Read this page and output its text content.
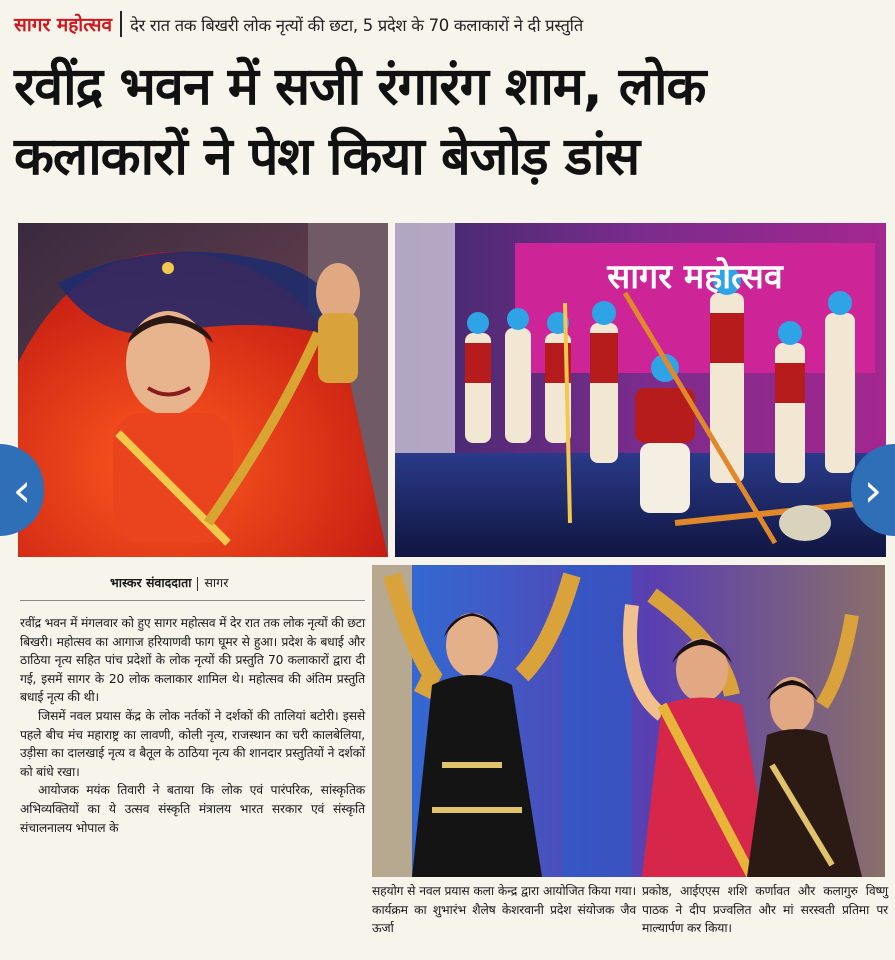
सागर महोत्सव देर रात तक बिखरी लोक नृत्यों की छटा, 5 प्रदेश के 70 कलाकारों ने दी प्रस्तुति
रवींद्र भवन में सजी रंगारंग शाम, लोक
कलाकारों ने पेश किया बेजोड़ डांस
सागर महोत्सव
‹	›
भास्कर संवाददाता सागर

रवींद्र भवन में मंगलवार को हुए सागर महोत्सव में देर रात तक लोक नृत्यों की छटा बिखरी। महोत्सव का आगाज हरियाणवी फाग घूमर से हुआ। प्रदेश के बधाई और ठाठिया नृत्य सहित पांच प्रदेशों के लोक नृत्यों की प्रस्तुति 70 कलाकारों द्वारा दी गई, इसमें सागर के 20 लोक कलाकार शामिल थे। महोत्सव की अंतिम प्रस्तुति बधाई नृत्य की थी।

जिसमें नवल प्रयास केंद्र के लोक नर्तकों ने दर्शकों की तालियां बटोरी। इससे पहले बीच मंच महाराष्ट्र का लावणी, कोली नृत्य, राजस्थान का चरी कालबेलिया, उड़ीसा का दालखाई नृत्य व बैतूल के ठाठिया नृत्य की शानदार प्रस्तुतियों ने दर्शकों को बांधे रखा।

आयोजक मयंक तिवारी ने बताया कि लोक एवं पारंपरिक, सांस्कृतिक अभिव्यक्तियों का ये उत्सव संस्कृति मंत्रालय भारत सरकार एवं संस्कृति संचालनालय भोपाल के

सहयोग से नवल प्रयास कला केन्द्र द्वारा आयोजित किया गया। कार्यक्रम का शुभारंभ शैलेष केशरवानी प्रदेश संयोजक जैव ऊर्जा

प्रकोष्ठ, आईएएस शशि कर्णावत और कलागुरु विष्णु पाठक ने दीप प्रज्वलित और मां सरस्वती प्रतिमा पर माल्यार्पण कर किया।
